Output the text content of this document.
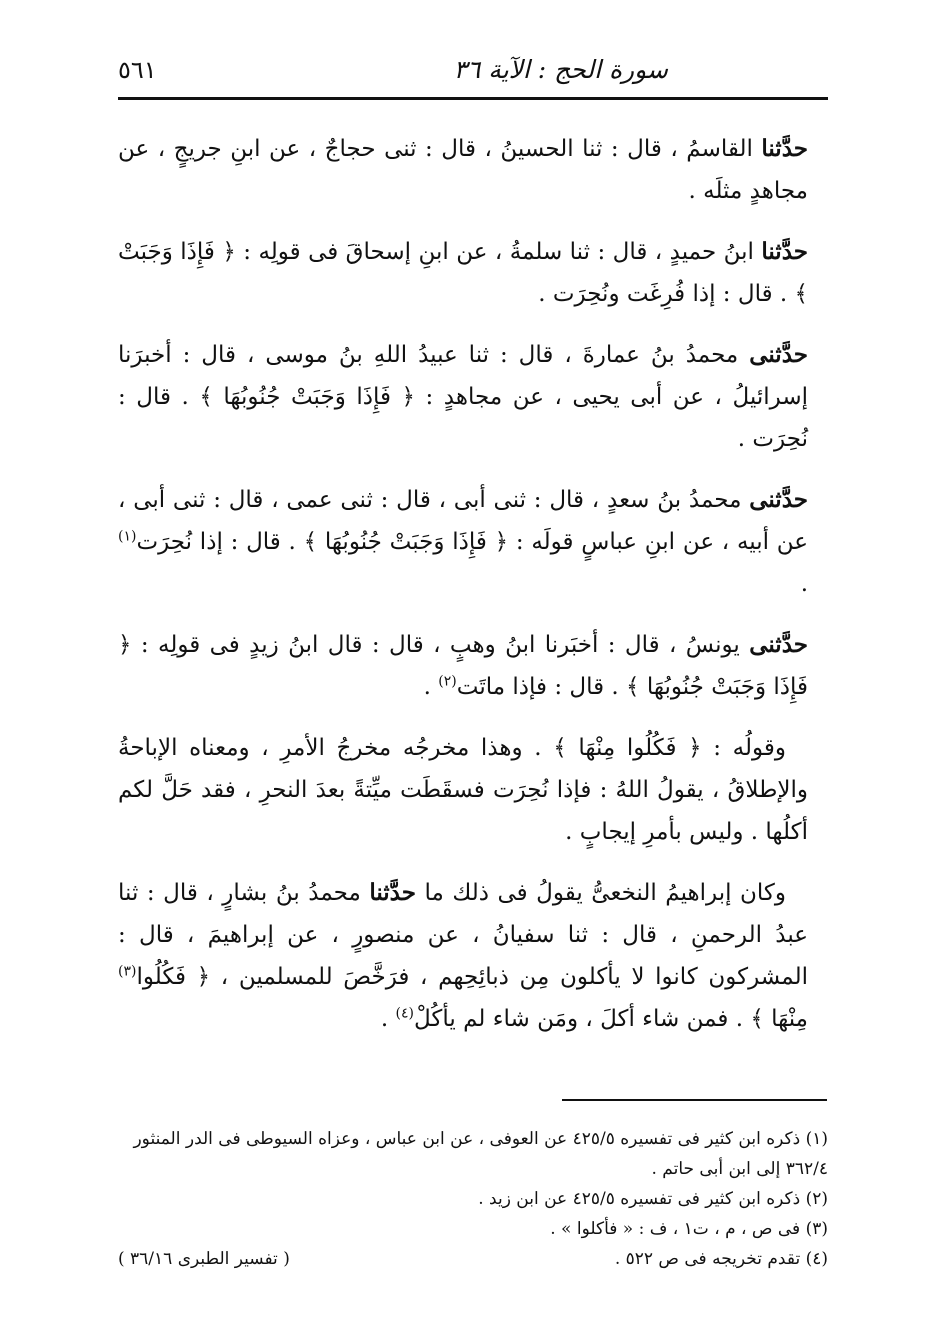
سورة الحج : الآية ٣٦
٥٦١

حدَّثنا القاسمُ ، قال : ثنا الحسينُ ، قال : ثنى حجاجٌ ، عن ابنِ جريجٍ ، عن مجاهدٍ مثلَه .

حدَّثنا ابنُ حميدٍ ، قال : ثنا سلمةُ ، عن ابنِ إسحاقَ فى قولِه : ﴿ فَإِذَا وَجَبَتْ ﴾ . قال : إذا فُرِغَت ونُحِرَت .

حدَّثنى محمدُ بنُ عمارةَ ، قال : ثنا عبيدُ اللهِ بنُ موسى ، قال : أخبرَنا إسرائيلُ ، عن أبى يحيى ، عن مجاهدٍ : ﴿ فَإِذَا وَجَبَتْ جُنُوبُهَا ﴾ . قال : نُحِرَت .

حدَّثنى محمدُ بنُ سعدٍ ، قال : ثنى أبى ، قال : ثنى عمى ، قال : ثنى أبى ، عن أبيه ، عن ابنِ عباسٍ قولَه : ﴿ فَإِذَا وَجَبَتْ جُنُوبُهَا ﴾ . قال : إذا نُحِرَت$^{(١)}$ .

حدَّثنى يونسُ ، قال : أخبَرنا ابنُ وهبٍ ، قال : قال ابنُ زيدٍ فى قولِه : ﴿ فَإِذَا وَجَبَتْ جُنُوبُهَا ﴾ . قال : فإذا ماتَت$^{(٢)}$ .

وقولُه : ﴿ فَكُلُوا مِنْهَا ﴾ . وهذا مخرجُه مخرجُ الأمرِ ، ومعناه الإباحةُ والإطلاقُ ، يقولُ اللهُ : فإذا نُحِرَت فسقَطَت ميِّتةً بعدَ النحرِ ، فقد حَلَّ لكم أكلُها . وليس بأمرِ إيجابٍ .

وكان إبراهيمُ النخعىُّ يقولُ فى ذلك ما حدَّثنا محمدُ بنُ بشارٍ ، قال : ثنا عبدُ الرحمنِ ، قال : ثنا سفيانُ ، عن منصورٍ ، عن إبراهيمَ ، قال : المشركون كانوا لا يأكلون مِن ذبائِحِهم ، فرَخَّصَ للمسلمين ، ﴿ فَكُلُوا$^{(٣)}$ مِنْهَا ﴾ . فمن شاء أكلَ ، ومَن شاء لم يأكُلْ$^{(٤)}$ .

(١) ذكره ابن كثير فى تفسيره ٤٢٥/٥ عن العوفى ، عن ابن عباس ، وعزاه السيوطى فى الدر المنثور ٣٦٢/٤ إلى ابن أبى حاتم .

(٢) ذكره ابن كثير فى تفسيره ٤٢٥/٥ عن ابن زيد .

(٣) فى ص ، م ، ت١ ، ف : « فأكلوا » .

(٤) تقدم تخريجه فى ص ٥٢٢ .
( تفسير الطبرى ٣٦/١٦ )
